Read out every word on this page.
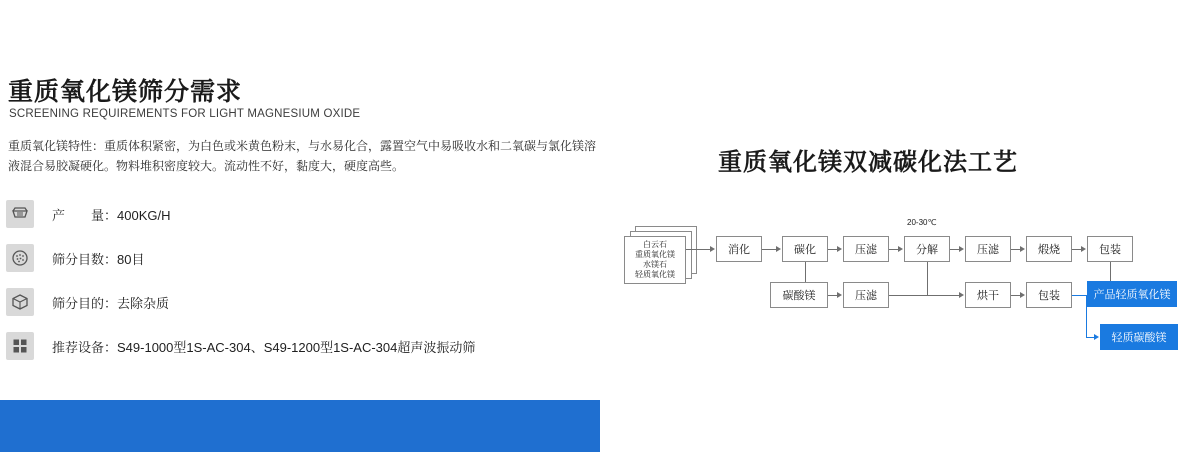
重质氧化镁筛分需求
SCREENING REQUIREMENTS FOR LIGHT MAGNESIUM OXIDE
重质氧化镁特性：重质体积紧密，为白色或米黄色粉末，与水易化合，露置空气中易吸收水和二氧碳与氯化镁溶液混合易胶凝硬化。物料堆积密度较大。流动性不好，黏度大，硬度高些。
产　　量：400KG/H
筛分目数：80目
筛分目的：去除杂质
推荐设备：S49-1000型1S-AC-304、S49-1200型1S-AC-304超声波振动筛
重质氧化镁双减碳化法工艺
白云石
重质氧化镁
水镁石
轻质氧化镁
20-30℃
消化	碳化	压滤	分解	压滤	煅烧	包装
碳酸镁	压滤	烘干	包装	产品轻质氧化镁
轻质碳酸镁
